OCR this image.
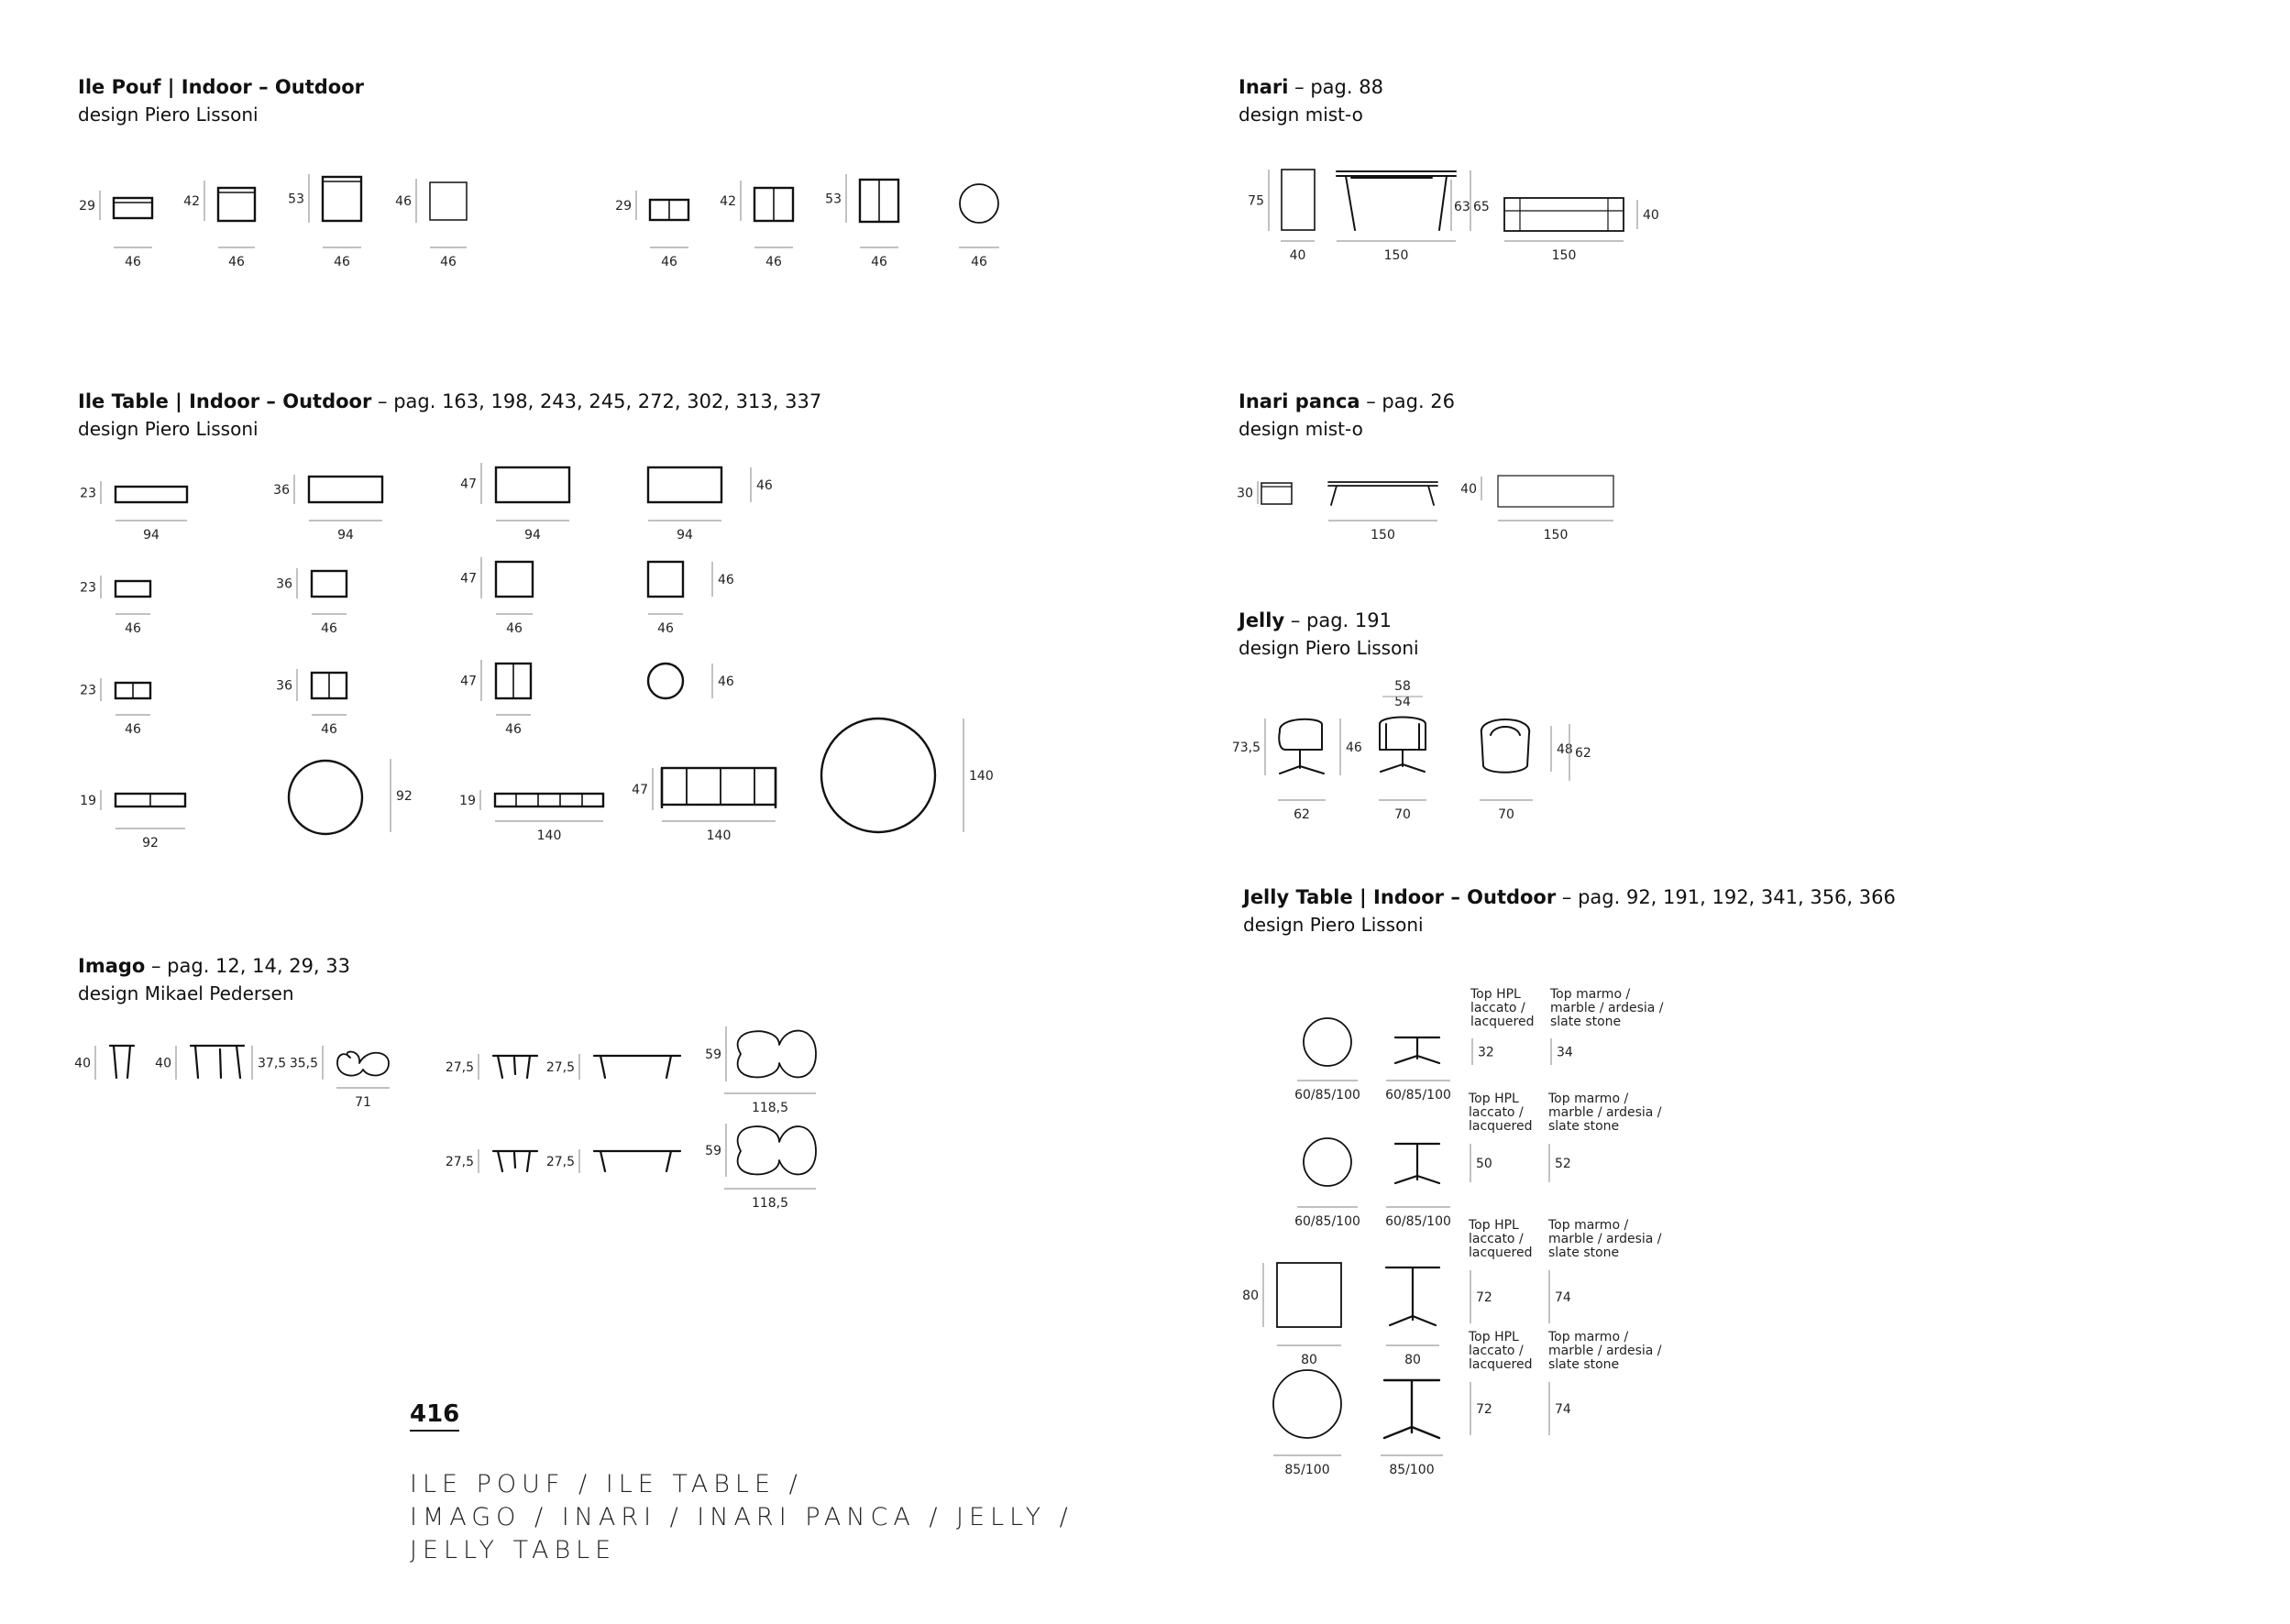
Ile Pouf | Indoor – Outdoor
design Piero Lissoni
Ile Table | Indoor – Outdoor – pag. 163, 198, 243, 245, 272, 302, 313, 337
design Piero Lissoni
Imago – pag. 12, 14, 29, 33
design Mikael Pedersen
Inari – pag. 88
design mist-o
Inari panca – pag. 26
design mist-o
Jelly – pag. 191
design Piero Lissoni
Jelly Table | Indoor – Outdoor – pag. 92, 191, 192, 341, 356, 366
design Piero Lissoni
29
46
42
46
53
46
46
46
29
46
42
46
53
46	46
23
94
36
94
47
94	94
46
23
46
36
46
47
46	46
46
23
46
36
46
47
46
46
19
92
92	19
140
47
140
140
40	40	37,5 35,5
71
27,5	27,5
59
118,5
27,5	27,5
59
118,5
75
40	150
63 65
150
40
30
150
40
150
73,5
62
46
58
54
70	70
48 62
60/85/100 60/85/100
Top HPL
laccato /
lacquered
Top marmo /
marble / ardesia /
slate stone
32	34
60/85/100 60/85/100
Top HPL
laccato /
lacquered
Top marmo /
marble / ardesia /
slate stone
50	52
80
80	80
Top HPL
laccato /
lacquered
Top marmo /
marble / ardesia /
slate stone
72	74
85/100	85/100
Top HPL
laccato /
lacquered
Top marmo /
marble / ardesia /
slate stone
72	74
416
ILE POUF / ILE TABLE /
IMAGO / INARI / INARI PANCA / JELLY /
JELLY TABLE
